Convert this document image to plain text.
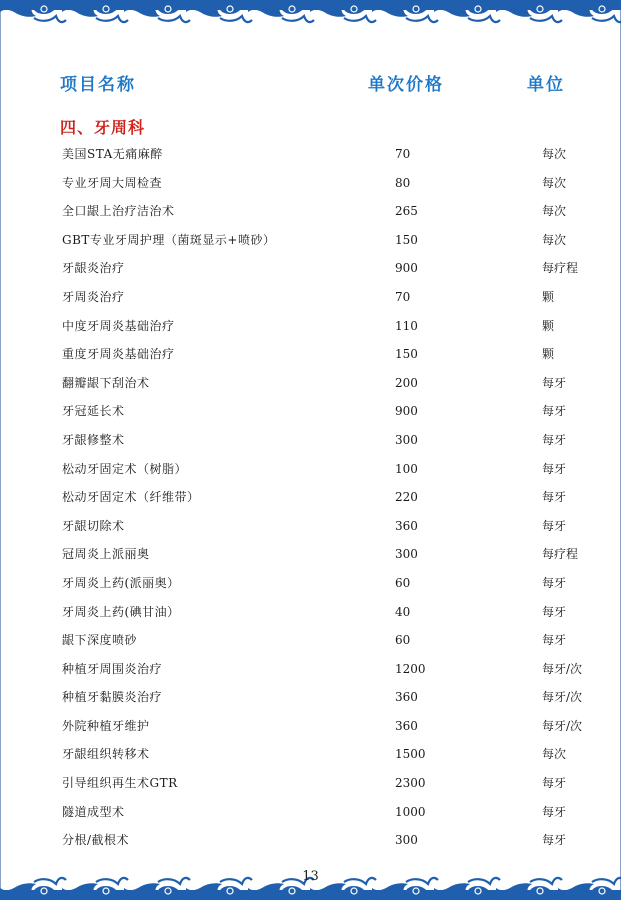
项目名称	单次价格	单位
四、牙周科
美国STA无痛麻醉	70	每次
专业牙周大周检查	80	每次
全口龈上治疗洁治术	265	每次
GBT专业牙周护理（菌斑显示+喷砂）	150	每次
牙龈炎治疗	900	每疗程
牙周炎治疗	70	颗
中度牙周炎基础治疗	110	颗
重度牙周炎基础治疗	150	颗
翻瓣龈下刮治术	200	每牙
牙冠延长术	900	每牙
牙龈修整术	300	每牙
松动牙固定术（树脂）	100	每牙
松动牙固定术（纤维带）	220	每牙
牙龈切除术	360	每牙
冠周炎上派丽奥	300	每疗程
牙周炎上药(派丽奥）	60	每牙
牙周炎上药(碘甘油）	40	每牙
龈下深度喷砂	60	每牙
种植牙周围炎治疗	1200	每牙/次
种植牙黏膜炎治疗	360	每牙/次
外院种植牙维护	360	每牙/次
牙龈组织转移术	1500	每次
引导组织再生术GTR	2300	每牙
隧道成型术	1000	每牙
分根/截根术	300	每牙
13
